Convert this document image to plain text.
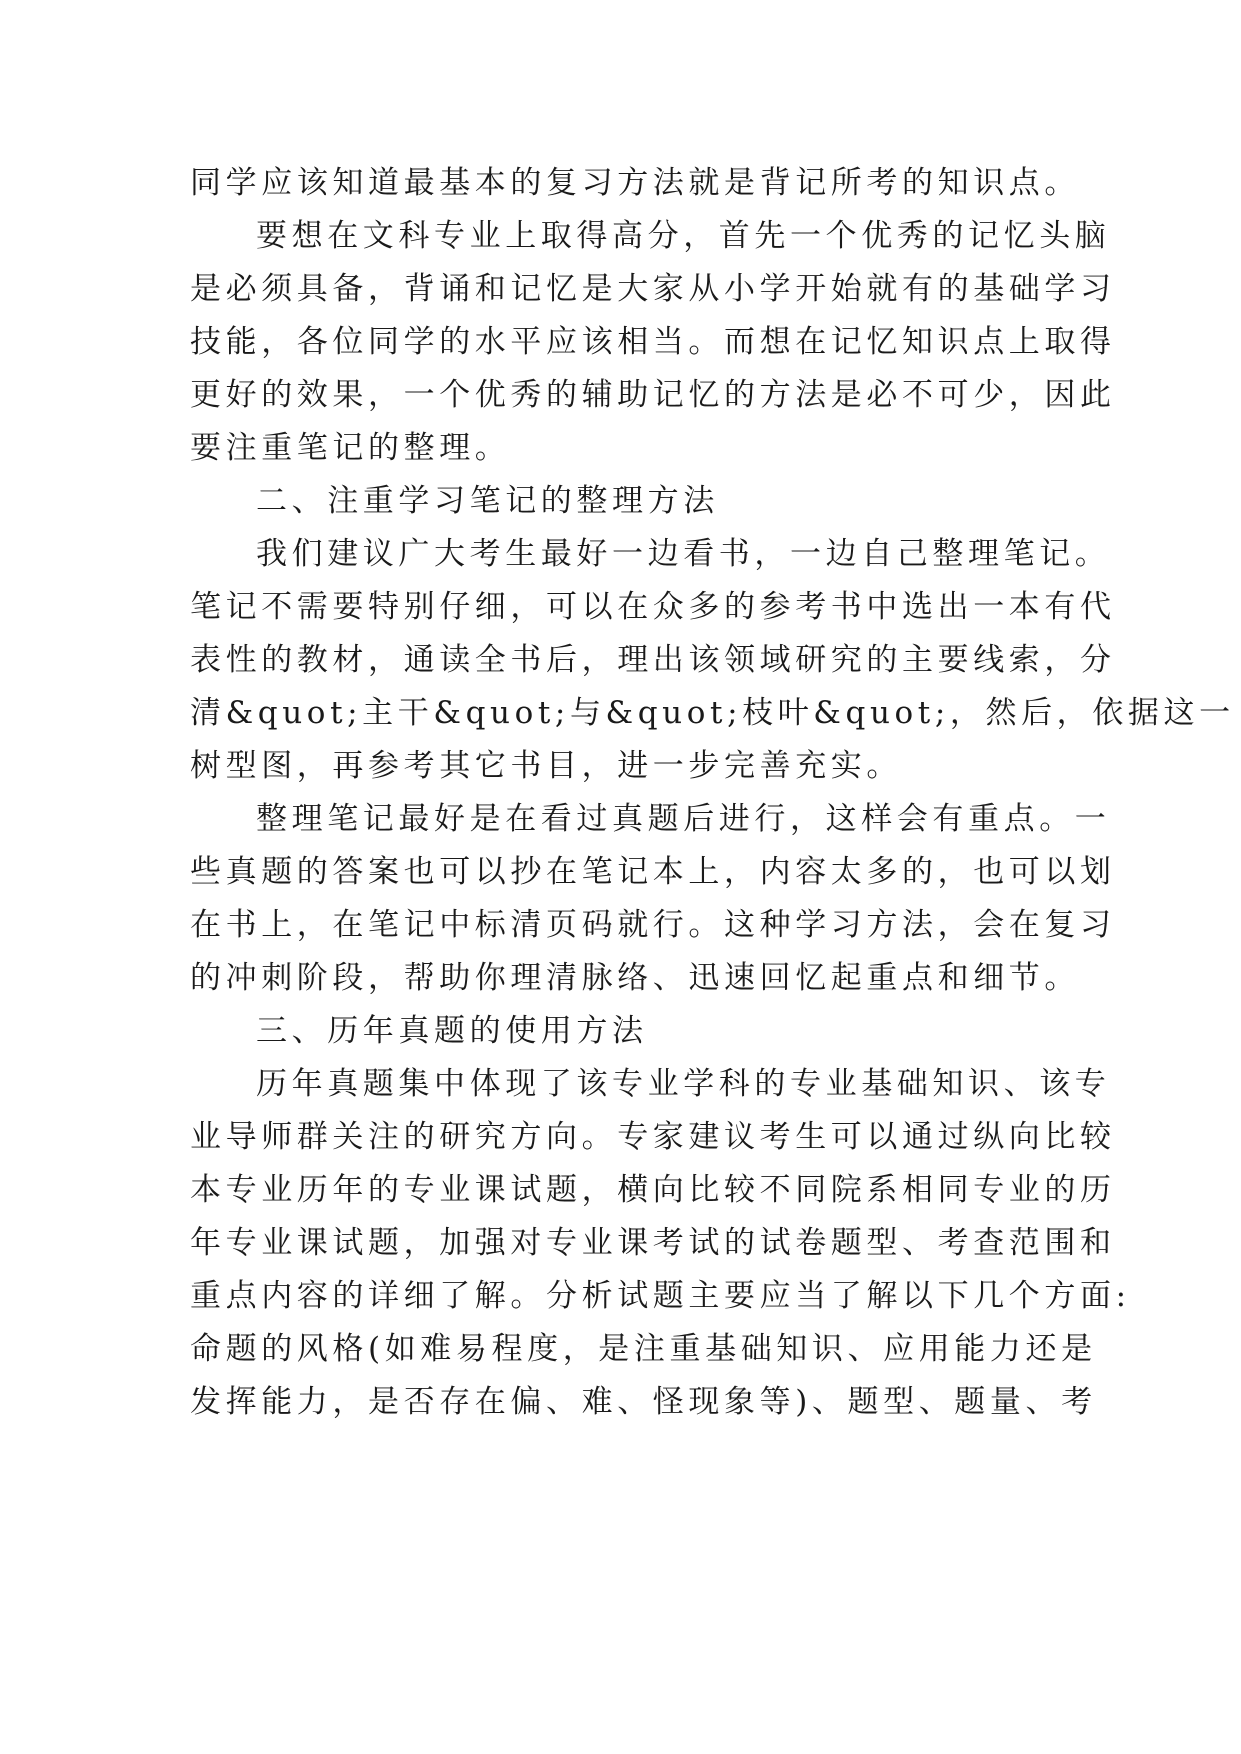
同学应该知道最基本的复习方法就是背记所考的知识点。
要想在文科专业上取得高分，首先一个优秀的记忆头脑
是必须具备，背诵和记忆是大家从小学开始就有的基础学习
技能，各位同学的水平应该相当。而想在记忆知识点上取得
更好的效果，一个优秀的辅助记忆的方法是必不可少，因此
要注重笔记的整理。
二、注重学习笔记的整理方法
我们建议广大考生最好一边看书，一边自己整理笔记。
笔记不需要特别仔细，可以在众多的参考书中选出一本有代
表性的教材，通读全书后，理出该领域研究的主要线索，分
清&quot;主干&quot;与&quot;枝叶&quot;，然后，依据这一
树型图，再参考其它书目，进一步完善充实。
整理笔记最好是在看过真题后进行，这样会有重点。一
些真题的答案也可以抄在笔记本上，内容太多的，也可以划
在书上，在笔记中标清页码就行。这种学习方法，会在复习
的冲刺阶段，帮助你理清脉络、迅速回忆起重点和细节。
三、历年真题的使用方法
历年真题集中体现了该专业学科的专业基础知识、该专
业导师群关注的研究方向。专家建议考生可以通过纵向比较
本专业历年的专业课试题，横向比较不同院系相同专业的历
年专业课试题，加强对专业课考试的试卷题型、考查范围和
重点内容的详细了解。分析试题主要应当了解以下几个方面:
命题的风格(如难易程度，是注重基础知识、应用能力还是
发挥能力，是否存在偏、难、怪现象等)、题型、题量、考
